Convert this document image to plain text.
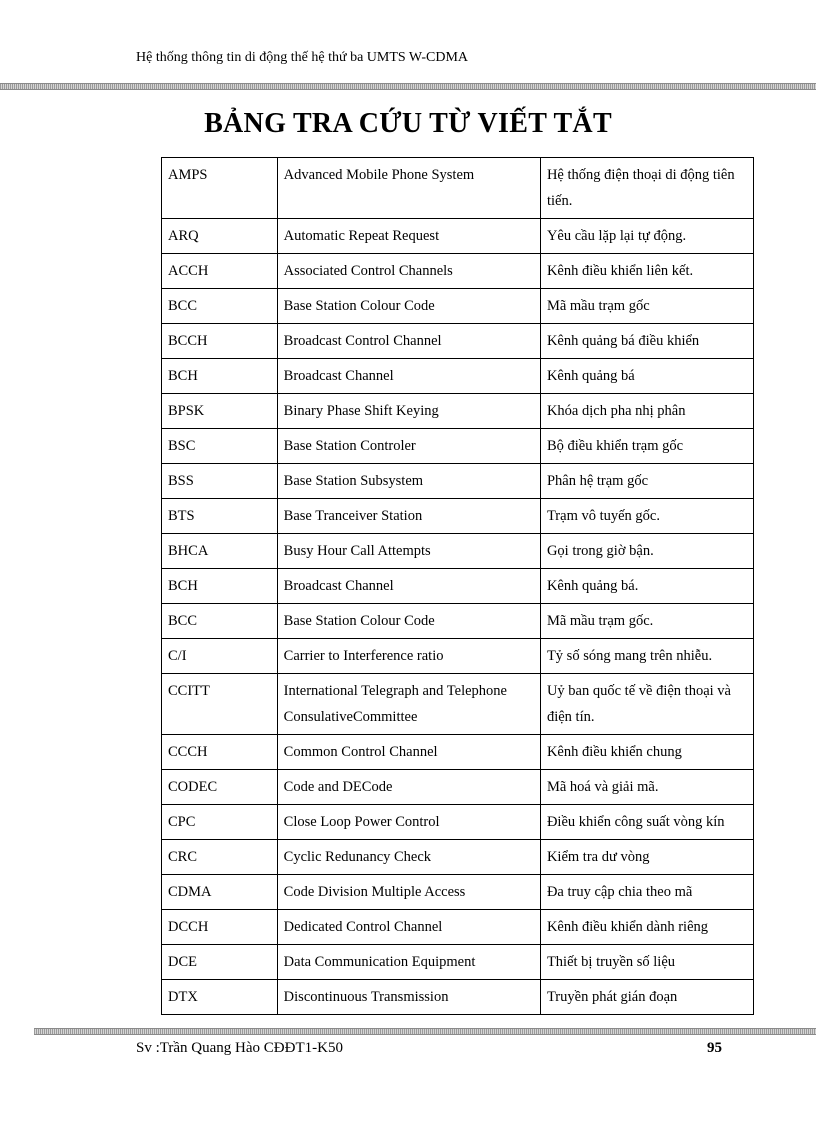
Hệ thống thông tin di động thế hệ thứ ba UMTS W-CDMA
BẢNG TRA CỨU TỪ VIẾT TẮT
AMPS	Advanced Mobile Phone System	Hệ thống điện thoại di động tiên tiến.
ARQ	Automatic Repeat Request	Yêu cầu lặp lại tự động.
ACCH	Associated Control Channels	Kênh điều khiển liên kết.
BCC	Base Station Colour Code	Mã mầu trạm gốc
BCCH	Broadcast Control Channel	Kênh quảng bá điều khiển
BCH	Broadcast Channel	Kênh quảng bá
BPSK	Binary Phase Shift Keying	Khóa dịch pha nhị phân
BSC	Base Station Controler	Bộ điều khiển trạm gốc
BSS	Base Station Subsystem	Phân hệ trạm gốc
BTS	Base Tranceiver Station	Trạm vô tuyến gốc.
BHCA	Busy Hour Call Attempts	Gọi trong giờ bận.
BCH	Broadcast Channel	Kênh quảng bá.
BCC	Base Station Colour Code	Mã mầu trạm gốc.
C/I	Carrier to Interference ratio	Tỷ số sóng mang trên nhiễu.
CCITT	International Telegraph and Telephone ConsulativeCommittee	Uỷ ban quốc tế về điện thoại và điện tín.
CCCH	Common Control Channel	Kênh điều khiển chung
CODEC	Code and DECode	Mã hoá và giải mã.
CPC	Close Loop Power Control	Điều khiển công suất vòng kín
CRC	Cyclic Redunancy Check	Kiểm tra dư vòng
CDMA	Code Division Multiple Access	Đa truy cập chia theo mã
DCCH	Dedicated Control Channel	Kênh điều khiển dành riêng
DCE	Data Communication Equipment	Thiết bị truyền số liệu
DTX	Discontinuous Transmission	Truyền phát gián đoạn
Sv :Trần Quang Hào CĐĐT1-K50	95
